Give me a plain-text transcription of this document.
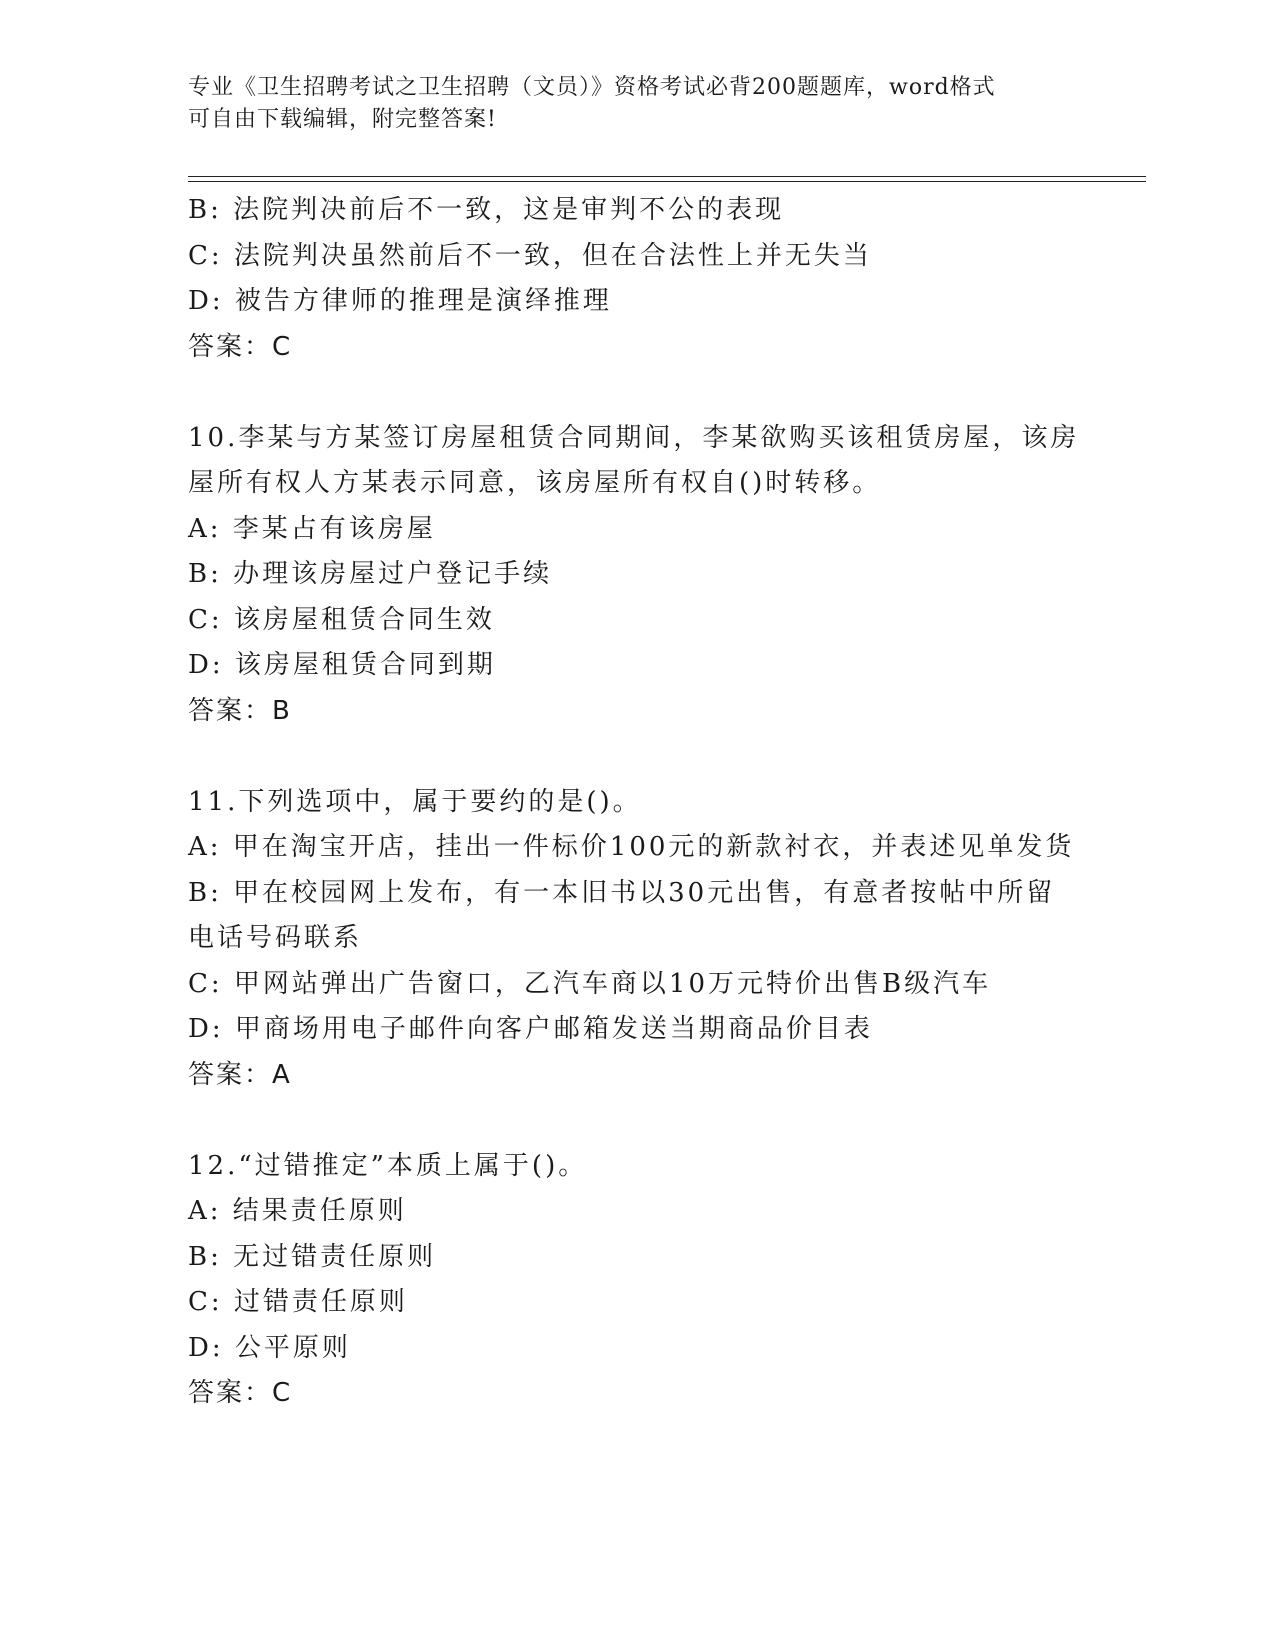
专业《卫生招聘考试之卫生招聘（文员）》资格考试必背200题题库，word格式
可自由下载编辑，附完整答案!
B: 法院判决前后不一致，这是审判不公的表现
C: 法院判决虽然前后不一致，但在合法性上并无失当
D: 被告方律师的推理是演绎推理
答案：C
10.李某与方某签订房屋租赁合同期间，李某欲购买该租赁房屋，该房
屋所有权人方某表示同意，该房屋所有权自()时转移。
A: 李某占有该房屋
B: 办理该房屋过户登记手续
C: 该房屋租赁合同生效
D: 该房屋租赁合同到期
答案：B
11.下列选项中，属于要约的是()。
A: 甲在淘宝开店，挂出一件标价100元的新款衬衣，并表述见单发货
B: 甲在校园网上发布，有一本旧书以30元出售，有意者按帖中所留
电话号码联系
C: 甲网站弹出广告窗口，乙汽车商以10万元特价出售B级汽车
D: 甲商场用电子邮件向客户邮箱发送当期商品价目表
答案：A
12.“过错推定”本质上属于()。
A: 结果责任原则
B: 无过错责任原则
C: 过错责任原则
D: 公平原则
答案：C
